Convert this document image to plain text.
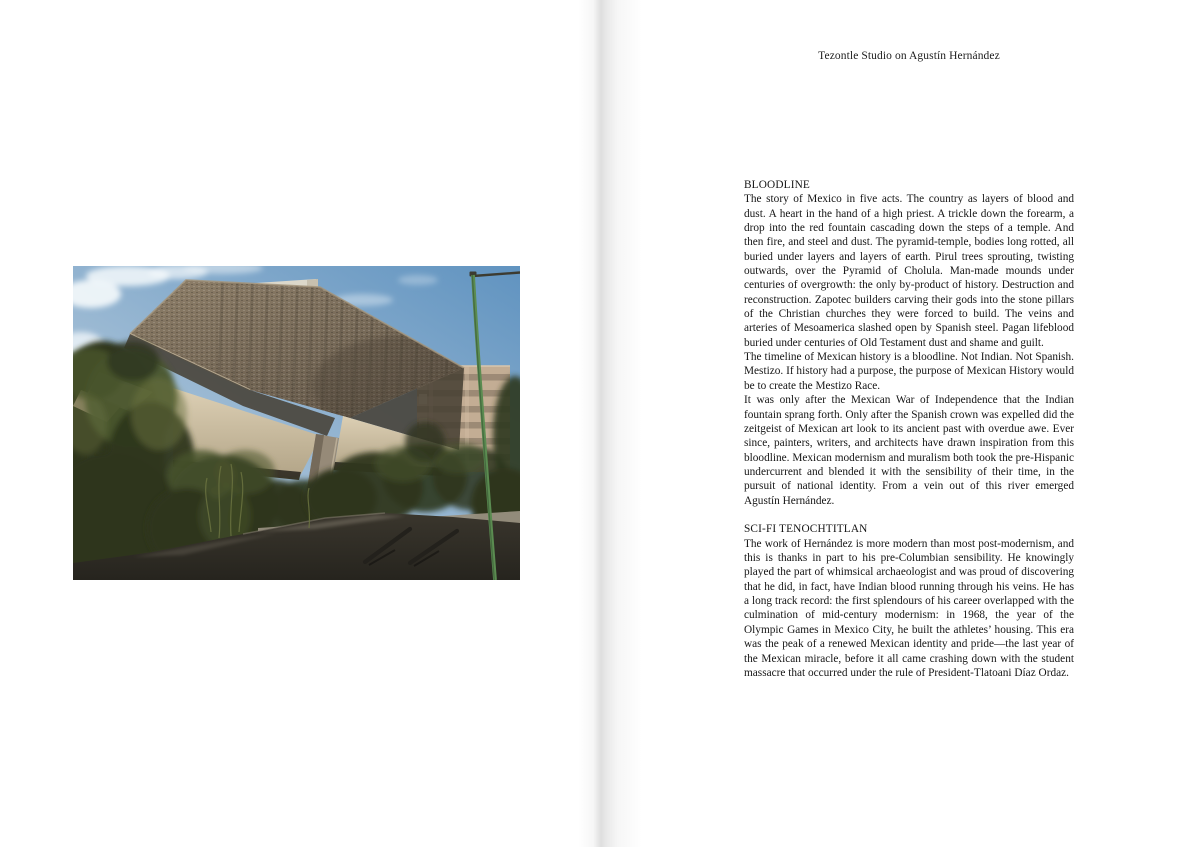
Tezontle Studio on Agustín Hernández
BLOODLINE

The story of Mexico in five acts. The country as layers of blood and dust. A heart in the hand of a high priest. A trickle down the forearm, a drop into the red fountain cascading down the steps of a temple. And then fire, and steel and dust. The pyramid-temple, bodies long rotted, all buried under layers and layers of earth. Pirul trees sprouting, twisting outwards, over the Pyramid of Cholula. Man-made mounds under centuries of overgrowth: the only by-product of history. Destruction and reconstruction. Zapotec builders carving their gods into the stone pillars of the Christian churches they were forced to build. The veins and arteries of Mesoamerica slashed open by Spanish steel. Pagan lifeblood buried under centuries of Old Testament dust and shame and guilt.

The timeline of Mexican history is a bloodline. Not Indian. Not Spanish. Mestizo. If history had a purpose, the purpose of Mexican History would be to create the Mestizo Race.

It was only after the Mexican War of Independence that the Indian fountain sprang forth. Only after the Spanish crown was expelled did the zeitgeist of Mexican art look to its ancient past with overdue awe. Ever since, painters, writers, and architects have drawn inspiration from this bloodline. Mexican modernism and muralism both took the pre-Hispanic undercurrent and blended it with the sensibility of their time, in the pursuit of national identity. From a vein out of this river emerged Agustín Hernández.

SCI-FI TENOCHTITLAN

The work of Hernández is more modern than most post-modernism, and this is thanks in part to his pre-Columbian sensibility. He knowingly played the part of whimsical archaeologist and was proud of discovering that he did, in fact, have Indian blood running through his veins. He has a long track record: the first splendours of his career overlapped with the culmination of mid-century modernism: in 1968, the year of the Olympic Games in Mexico City, he built the athletes’ housing. This era was the peak of a renewed Mexican identity and pride—the last year of the Mexican miracle, before it all came crashing down with the student massacre that occurred under the rule of President-Tlatoani Díaz Ordaz.
